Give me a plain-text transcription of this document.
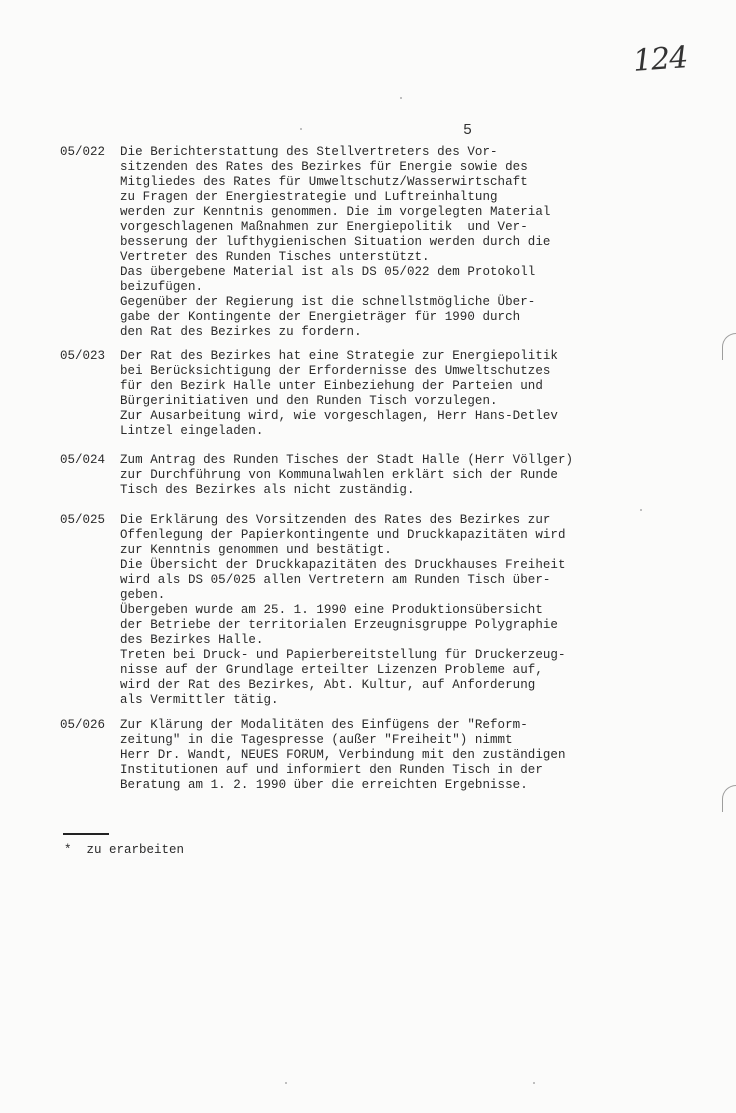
124
5
05/022	Die Berichterstattung des Stellvertreters des Vor-
sitzenden des Rates des Bezirkes für Energie sowie des
Mitgliedes des Rates für Umweltschutz/Wasserwirtschaft
zu Fragen der Energiestrategie und Luftreinhaltung
werden zur Kenntnis genommen. Die im vorgelegten Material
vorgeschlagenen Maßnahmen zur Energiepolitik  und Ver-
besserung der lufthygienischen Situation werden durch die
Vertreter des Runden Tisches unterstützt.
Das übergebene Material ist als DS 05/022 dem Protokoll
beizufügen.
Gegenüber der Regierung ist die schnellstmögliche Über-
gabe der Kontingente der Energieträger für 1990 durch
den Rat des Bezirkes zu fordern.
05/023	Der Rat des Bezirkes hat eine Strategie zur Energiepolitik
bei Berücksichtigung der Erfordernisse des Umweltschutzes
für den Bezirk Halle unter Einbeziehung der Parteien und
Bürgerinitiativen und den Runden Tisch vorzulegen.
Zur Ausarbeitung wird, wie vorgeschlagen, Herr Hans-Detlev
Lintzel eingeladen.
05/024	Zum Antrag des Runden Tisches der Stadt Halle (Herr Völlger)
zur Durchführung von Kommunalwahlen erklärt sich der Runde
Tisch des Bezirkes als nicht zuständig.
05/025	Die Erklärung des Vorsitzenden des Rates des Bezirkes zur
Offenlegung der Papierkontingente und Druckkapazitäten wird
zur Kenntnis genommen und bestätigt.
Die Übersicht der Druckkapazitäten des Druckhauses Freiheit
wird als DS 05/025 allen Vertretern am Runden Tisch über-
geben.
Übergeben wurde am 25. 1. 1990 eine Produktionsübersicht
der Betriebe der territorialen Erzeugnisgruppe Polygraphie
des Bezirkes Halle.
Treten bei Druck- und Papierbereitstellung für Druckerzeug-
nisse auf der Grundlage erteilter Lizenzen Probleme auf,
wird der Rat des Bezirkes, Abt. Kultur, auf Anforderung
als Vermittler tätig.
05/026	Zur Klärung der Modalitäten des Einfügens der "Reform-
zeitung" in die Tagespresse (außer "Freiheit") nimmt
Herr Dr. Wandt, NEUES FORUM, Verbindung mit den zuständigen
Institutionen auf und informiert den Runden Tisch in der
Beratung am 1. 2. 1990 über die erreichten Ergebnisse.
*  zu erarbeiten
